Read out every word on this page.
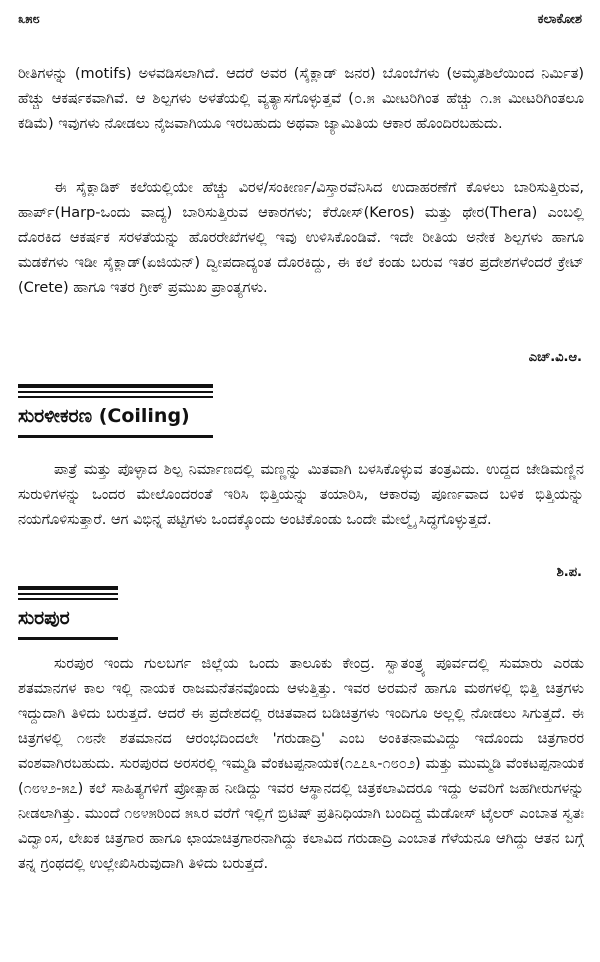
೩೫೮	ಕಲಾಕೋಶ

ರೀತಿಗಳನ್ನು (motifs) ಅಳವಡಿಸಲಾಗಿದೆ. ಆದರೆ ಅವರ (ಸೈಕ್ಲಾಡ್ ಜನರ) ಬೊಂಬೆಗಳು (ಅಮೃತಶಿಲೆಯಿಂದ ನಿರ್ಮಿತ) ಹೆಚ್ಚು ಆಕರ್ಷಕವಾಗಿವೆ. ಆ ಶಿಲ್ಪಗಳು ಅಳತೆಯಲ್ಲಿ ವ್ಯತ್ಯಾಸಗೊಳ್ಳುತ್ತವೆ (೦.೫ ಮೀಟರಿಗಿಂತ ಹೆಚ್ಚು ೧.೫ ಮೀಟರಿಗಿಂತಲೂ ಕಡಿಮೆ) ಇವುಗಳು ನೋಡಲು ನೈಜವಾಗಿಯೂ ಇರಬಹುದು ಅಥವಾ ಜ್ಯಾಮಿತಿಯ ಆಕಾರ ಹೊಂದಿರಬಹುದು.

ಈ ಸೈಕ್ಲಾಡಿಕ್ ಕಲೆಯಲ್ಲಿಯೇ ಹೆಚ್ಚು ವಿರಳ/ಸಂಕೀರ್ಣ/ವಿಸ್ತಾರವೆನಿಸಿದ ಉದಾಹರಣೆಗೆ ಕೊಳಲು ಬಾರಿಸುತ್ತಿರುವ, ಹಾರ್ಪ್(Harp-ಒಂದು ವಾದ್ಯ) ಬಾರಿಸುತ್ತಿರುವ ಆಕಾರಗಳು; ಕೆರೋಸ್(Keros) ಮತ್ತು ಥೇರ(Thera) ಎಂಬಲ್ಲಿ ದೊರಕಿದ ಆಕರ್ಷಕ ಸರಳತೆಯನ್ನು ಹೊರರೇಖೆಗಳಲ್ಲಿ ಇವು ಉಳಿಸಿಕೊಂಡಿವೆ. ಇದೇ ರೀತಿಯ ಅನೇಕ ಶಿಲ್ಪಗಳು ಹಾಗೂ ಮಡಕೆಗಳು ಇಡೀ ಸೈಕ್ಲಾಡ್(ಏಜಿಯನ್) ದ್ವೀಪದಾದ್ಯಂತ ದೊರಕಿದ್ದು, ಈ ಕಲೆ ಕಂಡು ಬರುವ ಇತರ ಪ್ರದೇಶಗಳೆಂದರೆ ಕ್ರೇಟ್ (Crete) ಹಾಗೂ ಇತರ ಗ್ರೀಕ್ ಪ್ರಮುಖ ಪ್ರಾಂತ್ಯಗಳು.

ಎಚ್.ವಿ.ಆ.
ಸುರಳೀಕರಣ (Coiling)

ಪಾತ್ರೆ ಮತ್ತು ಪೊಳ್ಳಾದ ಶಿಲ್ಪ ನಿರ್ಮಾಣದಲ್ಲಿ ಮಣ್ಣನ್ನು ಮಿತವಾಗಿ ಬಳಸಿಕೊಳ್ಳುವ ತಂತ್ರವಿದು. ಉದ್ದದ ಜೇಡಿಮಣ್ಣಿನ ಸುರುಳಿಗಳನ್ನು ಒಂದರ ಮೇಲೊಂದರಂತೆ ಇರಿಸಿ ಭಿತ್ತಿಯನ್ನು ತಯಾರಿಸಿ, ಆಕಾರವು ಪೂರ್ಣವಾದ ಬಳಿಕ ಭಿತ್ತಿಯನ್ನು ನಯಗೊಳಿಸುತ್ತಾರೆ. ಆಗ ವಿಭಿನ್ನ ಪಟ್ಟಿಗಳು ಒಂದಕ್ಕೊಂದು ಅಂಟಿಕೊಂಡು ಒಂದೇ ಮೇಲ್ಮೈ ಸಿದ್ಧಗೊಳ್ಳುತ್ತದೆ.

ಶಿ.ಪ.
ಸುರಪುರ

ಸುರಪುರ ಇಂದು ಗುಲಬರ್ಗ ಜಿಲ್ಲೆಯ ಒಂದು ತಾಲೂಕು ಕೇಂದ್ರ. ಸ್ವಾತಂತ್ರ್ಯ ಪೂರ್ವದಲ್ಲಿ ಸುಮಾರು ಎರಡು ಶತಮಾನಗಳ ಕಾಲ ಇಲ್ಲಿ ನಾಯಕ ರಾಜಮನೆತನವೊಂದು ಆಳುತ್ತಿತ್ತು. ಇವರ ಅರಮನೆ ಹಾಗೂ ಮಠಗಳಲ್ಲಿ ಭಿತ್ತಿ ಚಿತ್ರಗಳು ಇದ್ದುದಾಗಿ ತಿಳಿದು ಬರುತ್ತದೆ. ಆದರೆ ಈ ಪ್ರದೇಶದಲ್ಲಿ ರಚಿತವಾದ ಬಡಿಚಿತ್ರಗಳು ಇಂದಿಗೂ ಅಲ್ಲಲ್ಲಿ ನೋಡಲು ಸಿಗುತ್ತದೆ. ಈ ಚಿತ್ರಗಳಲ್ಲಿ ೧೮ನೇ ಶತಮಾನದ ಆರಂಭದಿಂದಲೇ 'ಗರುಡಾದ್ರಿ' ಎಂಬ ಅಂಕಿತನಾಮವಿದ್ದು ಇದೊಂದು ಚಿತ್ರಗಾರರ ವಂಶವಾಗಿರಬಹುದು. ಸುರಪುರದ ಅರಸರಲ್ಲಿ ಇಮ್ಮಡಿ ವೆಂಕಟಪ್ಪನಾಯಕ(೧೭೭೩-೧೮೦೨) ಮತ್ತು ಮುಮ್ಮಡಿ ವೆಂಕಟಪ್ಪನಾಯಕ (೧೮೪೨-೫೭) ಕಲೆ ಸಾಹಿತ್ಯಗಳಿಗೆ ಪ್ರೋತ್ಸಾಹ ನೀಡಿದ್ದು ಇವರ ಆಸ್ಥಾನದಲ್ಲಿ ಚಿತ್ರಕಲಾವಿದರೂ ಇದ್ದು ಅವರಿಗೆ ಜಹಗೀರುಗಳನ್ನು ನೀಡಲಾಗಿತ್ತು. ಮುಂದೆ ೧೮೪೫ರಿಂದ ೫೩ರ ವರೆಗೆ ಇಲ್ಲಿಗೆ ಬ್ರಿಟಿಷ್ ಪ್ರತಿನಿಧಿಯಾಗಿ ಬಂದಿದ್ದ ಮೆಡೋಸ್ ಟೈಲರ್ ಎಂಬಾತ ಸ್ವತಃ ವಿದ್ವಾಂಸ, ಲೇಖಕ ಚಿತ್ರಗಾರ ಹಾಗೂ ಛಾಯಾಚಿತ್ರಗಾರನಾಗಿದ್ದು ಕಲಾವಿದ ಗರುಡಾದ್ರಿ ಎಂಬಾತ ಗೆಳೆಯನೂ ಆಗಿದ್ದು ಆತನ ಬಗ್ಗೆ ತನ್ನ ಗ್ರಂಥದಲ್ಲಿ ಉಲ್ಲೇಖಿಸಿರುವುದಾಗಿ ತಿಳಿದು ಬರುತ್ತದೆ.
